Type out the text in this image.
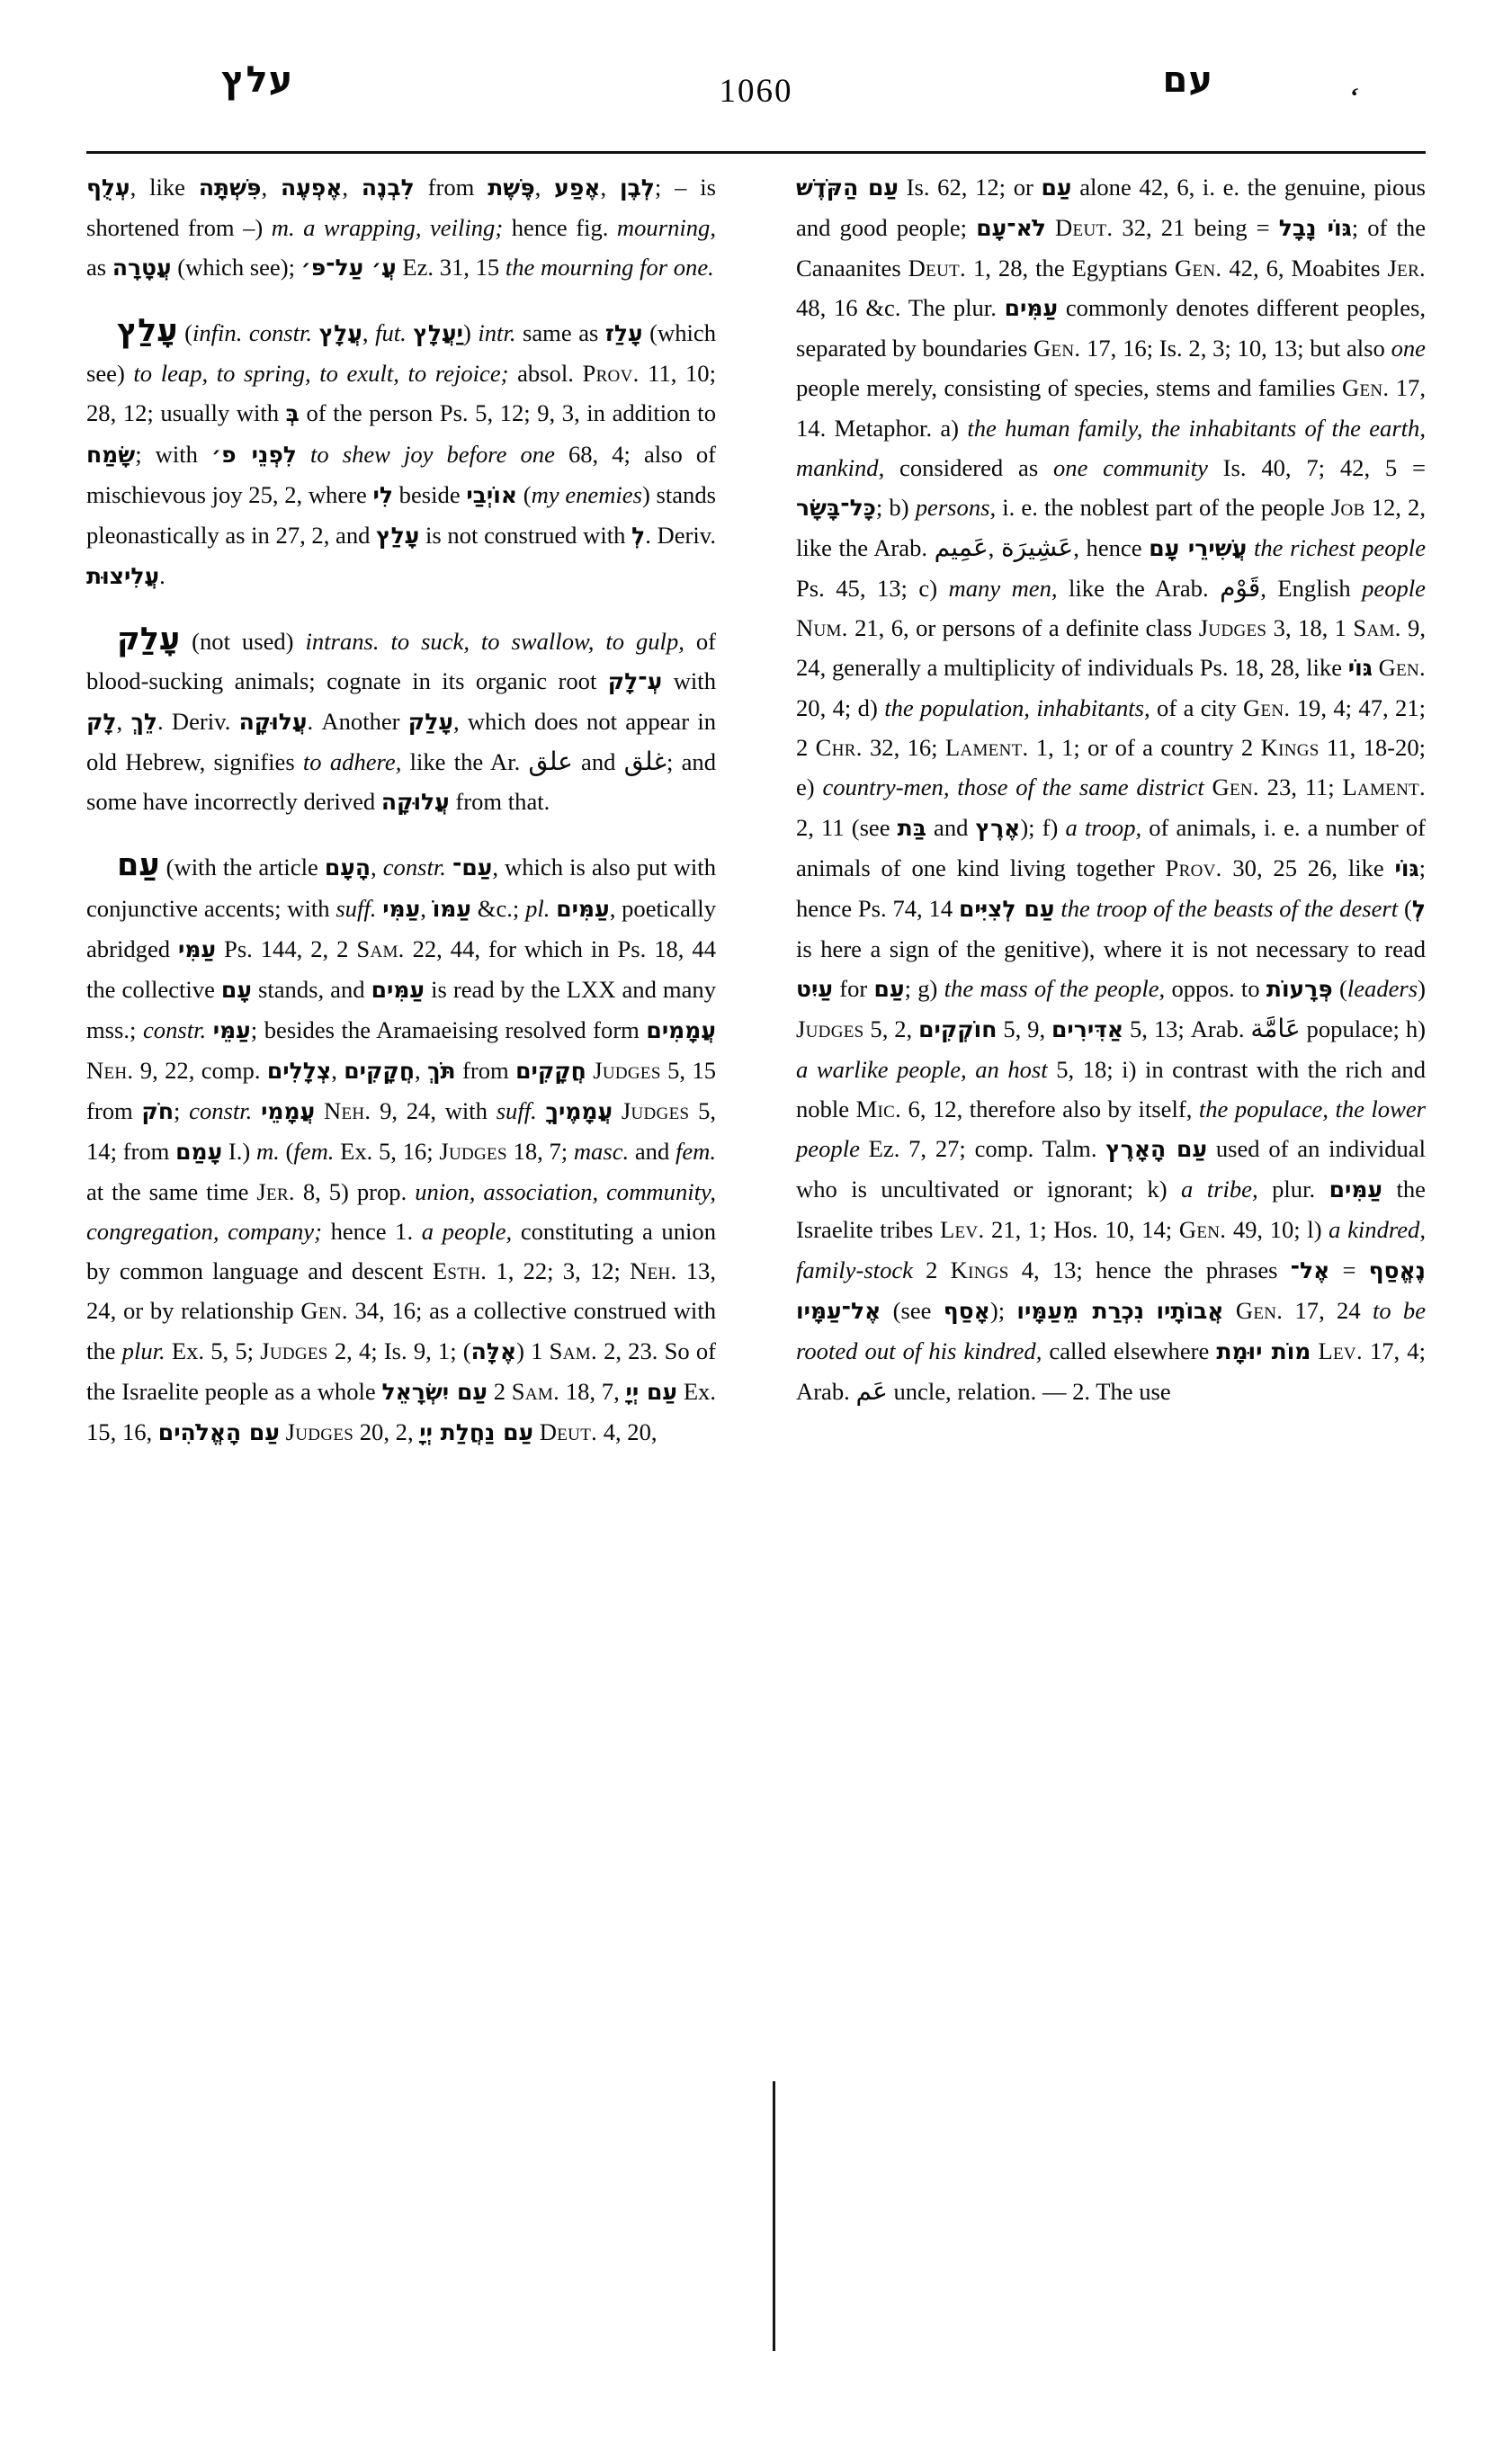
עלץ	1060	עם	‘

עְלֻף, like פִּשְׁתָּה, אֶפְעֶה, לִבְנֶה from פֶּשֶׁת, אֶפַע, לְבֶן; – is shortened from –) m. a wrapping, veiling; hence fig. mourning, as עֲטָרָה (which see); עֲ׳ עַל־פּ׳ Ez. 31, 15 the mourning for one.

עָלַץ (infin. constr. עֲלָץ, fut. יַעֲלָץ) intr. same as עָלַז (which see) to leap, to spring, to exult, to rejoice; absol. Prov. 11, 10; 28, 12; usually with בְּ of the person Ps. 5, 12; 9, 3, in addition to שָׂמַח; with לִפְנֵי פ׳ to shew joy before one 68, 4; also of mischievous joy 25, 2, where לִי beside אוֹיְבַי (my enemies) stands pleonastically as in 27, 2, and עָלַץ is not construed with לְ. Deriv. עֲלִיצוּת.

עָלַק (not used) intrans. to suck, to swallow, to gulp, of blood-sucking animals; cognate in its organic root עְ־לָק with לָק, לֵךְ. Deriv. עֲלוּקָה. Another עָלַק, which does not appear in old Hebrew, signifies to adhere, like the Ar. علق and غلق; and some have incorrectly derived עֲלוּקָה from that.

עַם (with the article הָעָם, constr. עַם־, which is also put with conjunctive accents; with suff. עַמִּי, עַמּוֹ &c.; pl. עַמִּים, poetically abridged עַמִּי Ps. 144, 2, 2 Sam. 22, 44, for which in Ps. 18, 44 the collective עָם stands, and עַמִּים is read by the LXX and many mss.; constr. עַמֵּי; besides the Aramaeising resolved form עֲמָמִים Neh. 9, 22, comp. צְלָלִים, חֲקָקִים, תֹּךְ from חֲקָקִים Judges 5, 15 from חֹק; constr. עֲמָמֵי Neh. 9, 24, with suff. עֲמָמֶיךָ Judges 5, 14; from עָמַם I.) m. (fem. Ex. 5, 16; Judges 18, 7; masc. and fem. at the same time Jer. 8, 5) prop. union, association, community, congregation, company; hence 1. a people, constituting a union by common language and descent Esth. 1, 22; 3, 12; Neh. 13, 24, or by relationship Gen. 34, 16; as a collective construed with the plur. Ex. 5, 5; Judges 2, 4; Is. 9, 1; (אֶלָּה) 1 Sam. 2, 23. So of the Israelite people as a whole עַם יִשְׂרָאֵל 2 Sam. 18, 7, עַם יְיָ Ex. 15, 16, עַם הָאֱלֹהִים Judges 20, 2, עַם נַחֲלַת יְיָ Deut. 4, 20,

עַם הַקֹּדֶשׁ Is. 62, 12; or עַם alone 42, 6, i. e. the genuine, pious and good people; לֹא־עָם Deut. 32, 21 being = גּוֹי נָבָל; of the Canaanites Deut. 1, 28, the Egyptians Gen. 42, 6, Moabites Jer. 48, 16 &c. The plur. עַמִּים commonly denotes different peoples, separated by boundaries Gen. 17, 16; Is. 2, 3; 10, 13; but also one people merely, consisting of species, stems and families Gen. 17, 14. Metaphor. a) the human family, the inhabitants of the earth, mankind, considered as one community Is. 40, 7; 42, 5 = כָּל־בָּשָׂר; b) persons, i. e. the noblest part of the people Job 12, 2, like the Arab. عَمِيم, عَشِيرَة, hence עֲשִׁירֵי עָם the richest people Ps. 45, 13; c) many men, like the Arab. قَوْم, English people Num. 21, 6, or persons of a definite class Judges 3, 18, 1 Sam. 9, 24, generally a multiplicity of individuals Ps. 18, 28, like גּוֹי Gen. 20, 4; d) the population, inhabitants, of a city Gen. 19, 4; 47, 21; 2 Chr. 32, 16; Lament. 1, 1; or of a country 2 Kings 11, 18-20; e) country-men, those of the same district Gen. 23, 11; Lament. 2, 11 (see בַּת and אֶרֶץ); f) a troop, of animals, i. e. a number of animals of one kind living together Prov. 30, 25 26, like גּוֹי; hence Ps. 74, 14 עַם לְצִיִּים the troop of the beasts of the desert (לְ is here a sign of the genitive), where it is not necessary to read עַיִט for עַם; g) the mass of the people, oppos. to פְּרָעוֹת (leaders) Judges 5, 2, חוֹקְקִים 5, 9, אַדִּירִים 5, 13; Arab. عَامَّة populace; h) a warlike people, an host 5, 18; i) in contrast with the rich and noble Mic. 6, 12, therefore also by itself, the populace, the lower people Ez. 7, 27; comp. Talm. עַם הָאָרֶץ used of an individual who is uncultivated or ignorant; k) a tribe, plur. עַמִּים the Israelite tribes Lev. 21, 1; Hos. 10, 14; Gen. 49, 10; l) a kindred, family-stock 2 Kings 4, 13; hence the phrases אֶל־ = נֶאֱסַף אֶל־עַמָּיו (see אָסַף); נִכְרַת מֵעַמָּיו אֲבוֹתָיו Gen. 17, 24 to be rooted out of his kindred, called elsewhere מוֹת יוּמָת Lev. 17, 4; Arab. عَم uncle, relation. — 2. The use
